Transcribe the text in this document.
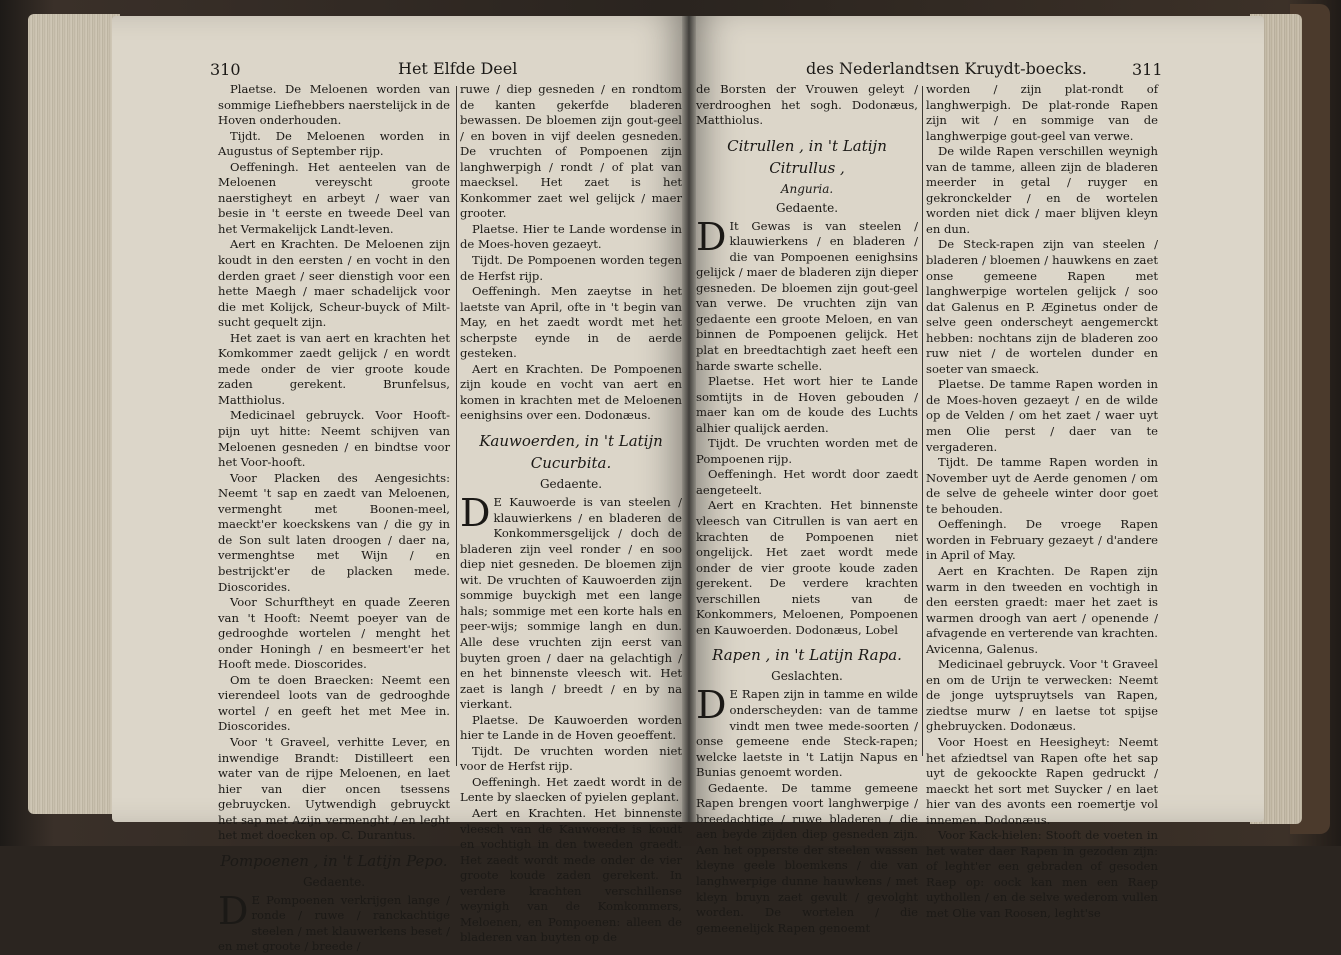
310	Het Elfde Deel

Plaetse. De Meloenen worden van sommige Liefhebbers naerstelijck in de Hoven onderhouden.

Tijdt. De Meloenen worden in Augustus of September rijp.

Oeffeningh. Het aenteelen van de Meloenen vereyscht groote naerstigheyt en arbeyt / waer van besie in 't eerste en tweede Deel van het Vermakelijck Landt-leven.

Aert en Krachten. De Meloenen zijn koudt in den eersten / en vocht in den derden graet / seer dienstigh voor een hette Maegh / maer schadelijck voor die met Kolijck, Scheur-buyck of Milt-sucht gequelt zijn.

Het zaet is van aert en krachten het Komkommer zaedt gelijck / en wordt mede onder de vier groote koude zaden gerekent. Brunfelsus, Matthiolus.

Medicinael gebruyck. Voor Hooft-pijn uyt hitte: Neemt schijven van Meloenen gesneden / en bindtse voor het Voor-hooft.

Voor Placken des Aengesichts: Neemt 't sap en zaedt van Meloenen, vermenght met Boonen-meel, maeckt'er koeckskens van / die gy in de Son sult laten droogen / daer na, vermenghtse met Wijn / en bestrijckt'er de placken mede. Dioscorides.

Voor Schurftheyt en quade Zeeren van 't Hooft: Neemt poeyer van de gedrooghde wortelen / menght het onder Honingh / en besmeert'er het Hooft mede. Dioscorides.

Om te doen Braecken: Neemt een vierendeel loots van de gedrooghde wortel / en geeft het met Mee in. Dioscorides.

Voor 't Graveel, verhitte Lever, en inwendige Brandt: Distilleert een water van de rijpe Meloenen, en laet hier van dier oncen tsessens gebruycken. Uytwendigh gebruyckt het sap met Azijn vermenght / en leght het met doecken op. C. Durantus.

Pompoenen , in 't Latijn Pepo.

Gedaente.

D E Pompoenen verkrijgen lange / ronde / ruwe / ranckachtige steelen / met klauwerkens beset / en met groote / breede /

ruwe / diep gesneden / en rondtom de kanten gekerfde bladeren bewassen. De bloemen zijn gout-geel / en boven in vijf deelen gesneden. De vruchten of Pompoenen zijn langhwerpigh / rondt / of plat van maecksel. Het zaet is het Konkommer zaet wel gelijck / maer grooter.

Plaetse. Hier te Lande wordense in de Moes-hoven gezaeyt.

Tijdt. De Pompoenen worden tegen de Herfst rijp.

Oeffeningh. Men zaeytse in het laetste van April, ofte in 't begin van May, en het zaedt wordt met het scherpste eynde in de aerde gesteken.

Aert en Krachten. De Pompoenen zijn koude en vocht van aert en komen in krachten met de Meloenen eenighsins over een. Dodonæus.

Kauwoerden, in 't Latijn Cucurbita.

Gedaente.

D E Kauwoerde is van steelen / klauwierkens / en bladeren de Konkommersgelijck / doch de bladeren zijn veel ronder / en soo diep niet gesneden. De bloemen zijn wit. De vruchten of Kauwoerden zijn sommige buyckigh met een lange hals; sommige met een korte hals en peer-wijs; sommige langh en dun. Alle dese vruchten zijn eerst van buyten groen / daer na gelachtigh / en het binnenste vleesch wit. Het zaet is langh / breedt / en by na vierkant.

Plaetse. De Kauwoerden worden hier te Lande in de Hoven geoeffent.

Tijdt. De vruchten worden niet voor de Herfst rijp.

Oeffeningh. Het zaedt wordt in de Lente by slaecken of pyielen geplant.

Aert en Krachten. Het binnenste vleesch van de Kauwoerde is koudt en vochtigh in den tweeden graedt. Het zaedt wordt mede onder de vier groote koude zaden gerekent. In verdere krachten verschillense weynigh van de Komkommers, Meloenen, en Pompoenen: alleen de bladeren van buyten op de

des Nederlandtsen Kruydt-boecks.	311

de Borsten der Vrouwen geleyt / verdrooghen het sogh. Dodonæus, Matthiolus.

Citrullen , in 't Latijn Citrullus ,

Anguria.

Gedaente.

D It Gewas is van steelen / klauwierkens / en bladeren / die van Pompoenen eenighsins gelijck / maer de bladeren zijn dieper gesneden. De bloemen zijn gout-geel van verwe. De vruchten zijn van gedaente een groote Meloen, en van binnen de Pompoenen gelijck. Het plat en breedtachtigh zaet heeft een harde swarte schelle.

Plaetse. Het wort hier te Lande somtijts in de Hoven gebouden / maer kan om de koude des Luchts alhier qualijck aerden.

Tijdt. De vruchten worden met de Pompoenen rijp.

Oeffeningh. Het wordt door zaedt aengeteelt.

Aert en Krachten. Het binnenste vleesch van Citrullen is van aert en krachten de Pompoenen niet ongelijck. Het zaet wordt mede onder de vier groote koude zaden gerekent. De verdere krachten verschillen niets van de Konkommers, Meloenen, Pompoenen en Kauwoerden. Dodonæus, Lobel

Rapen , in 't Latijn Rapa.

Geslachten.

D E Rapen zijn in tamme en wilde onderscheyden: van de tamme vindt men twee mede-soorten / onse gemeene ende Steck-rapen; welcke laetste in 't Latijn Napus en Bunias genoemt worden.

Gedaente. De tamme gemeene Rapen brengen voort langhwerpige / breedachtige / ruwe bladeren / die aen beyde zijden diep gesneden zijn. Aen het opperste der steelen wassen kleyne geele bloemkens / die van langhwerpige dunne hauwkens / met kleyn bruyn zaet gevult / gevolght worden. De wortelen / die gemeenelijck Rapen genoemt

worden / zijn plat-rondt of langhwerpigh. De plat-ronde Rapen zijn wit / en sommige van de langhwerpige gout-geel van verwe.

De wilde Rapen verschillen weynigh van de tamme, alleen zijn de bladeren meerder in getal / ruyger en gekronckelder / en de wortelen worden niet dick / maer blijven kleyn en dun.

De Steck-rapen zijn van steelen / bladeren / bloemen / hauwkens en zaet onse gemeene Rapen met langhwerpige wortelen gelijck / soo dat Galenus en P. Æginetus onder de selve geen onderscheyt aengemerckt hebben: nochtans zijn de bladeren zoo ruw niet / de wortelen dunder en soeter van smaeck.

Plaetse. De tamme Rapen worden in de Moes-hoven gezaeyt / en de wilde op de Velden / om het zaet / waer uyt men Olie perst / daer van te vergaderen.

Tijdt. De tamme Rapen worden in November uyt de Aerde genomen / om de selve de geheele winter door goet te behouden.

Oeffeningh. De vroege Rapen worden in February gezaeyt / d'andere in April of May.

Aert en Krachten. De Rapen zijn warm in den tweeden en vochtigh in den eersten graedt: maer het zaet is warmen droogh van aert / openende / afvagende en verterende van krachten. Avicenna, Galenus.

Medicinael gebruyck. Voor 't Graveel en om de Urijn te verwecken: Neemt de jonge uytspruytsels van Rapen, ziedtse murw / en laetse tot spijse ghebruycken. Dodonæus.

Voor Hoest en Heesigheyt: Neemt het afziedtsel van Rapen ofte het sap uyt de gekoockte Rapen gedruckt / maeckt het sort met Suycker / en laet hier van des avonts een roemertje vol innemen. Dodonæus.

Voor Kack-hielen: Stooft de voeten in het water daer Rapen in gezoden zijn: of leght'er een gebraden of gesoden Raep op: oock kan men een Raep uythollen / en de selve wederom vullen met Olie van Roosen, leght'se
